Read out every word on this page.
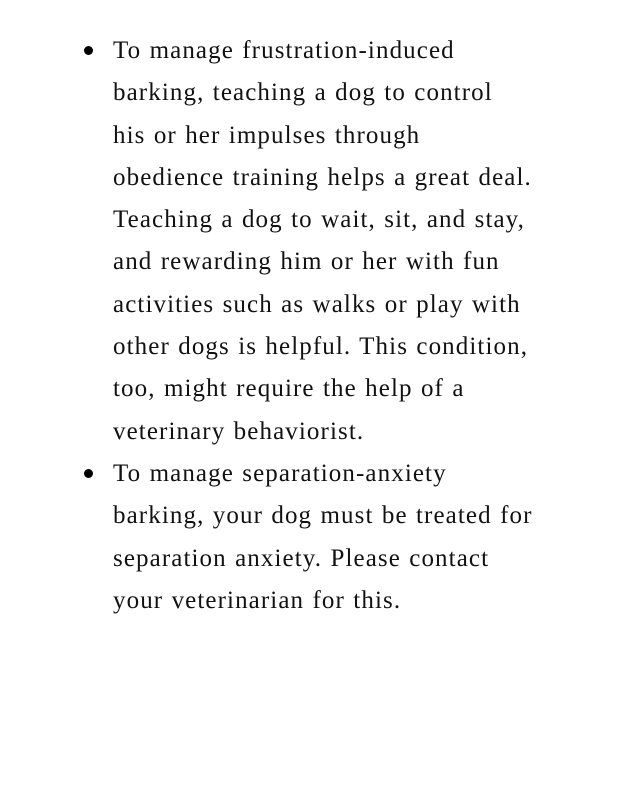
To manage frustration-induced barking, teaching a dog to control his or her impulses through obedience training helps a great deal. Teaching a dog to wait, sit, and stay, and rewarding him or her with fun activities such as walks or play with other dogs is helpful. This condition, too, might require the help of a veterinary behaviorist.
To manage separation-anxiety barking, your dog must be treated for separation anxiety. Please contact your veterinarian for this.
